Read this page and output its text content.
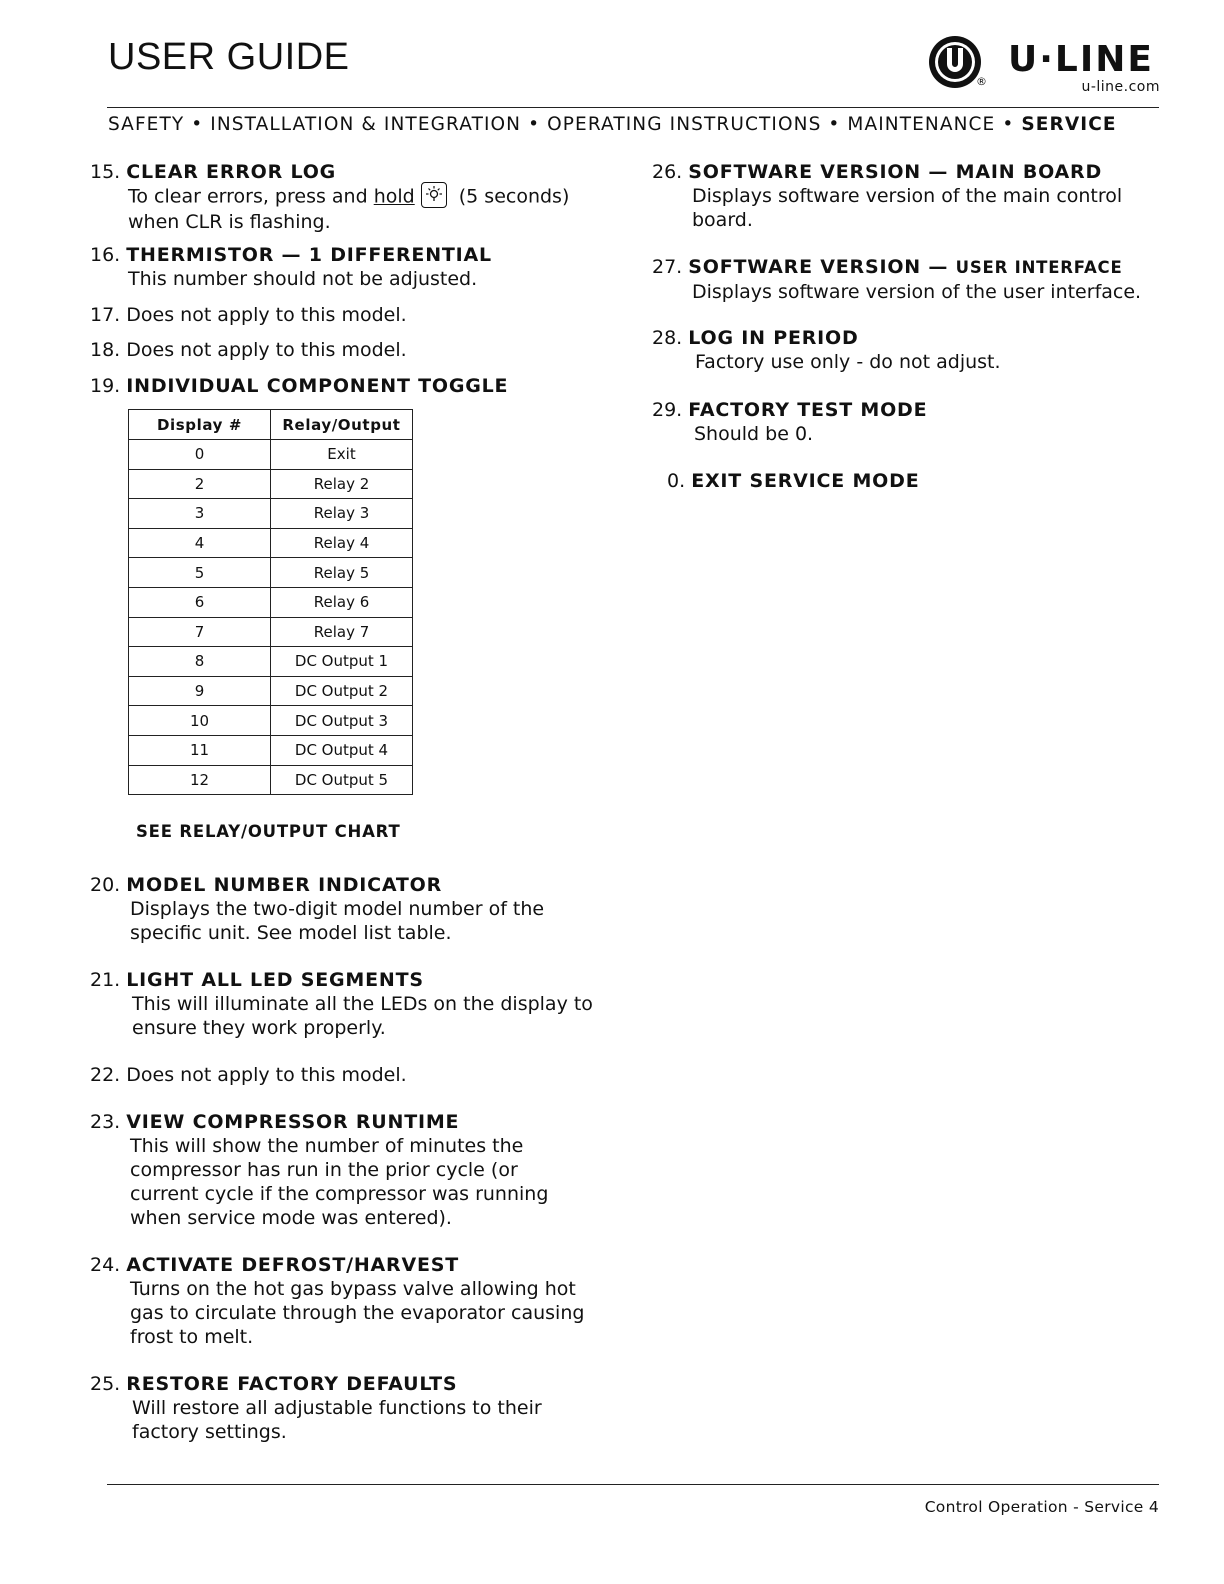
USER GUIDE
®
U·LINE
u-line.com
SAFETY • INSTALLATION & INTEGRATION • OPERATING INSTRUCTIONS • MAINTENANCE • SERVICE
15. CLEAR ERROR LOG
To clear errors, press and hold (5 seconds)
when CLR is flashing.
16. THERMISTOR — 1 DIFFERENTIAL
This number should not be adjusted.
17. Does not apply to this model.
18. Does not apply to this model.
19. INDIVIDUAL COMPONENT TOGGLE
Display #	Relay/Output
0	Exit
2	Relay 2
3	Relay 3
4	Relay 4
5	Relay 5
6	Relay 6
7	Relay 7
8	DC Output 1
9	DC Output 2
10	DC Output 3
11	DC Output 4
12	DC Output 5
SEE RELAY/OUTPUT CHART
20. MODEL NUMBER INDICATOR
Displays the two-digit model number of the
specific unit. See model list table.
21. LIGHT ALL LED SEGMENTS
This will illuminate all the LEDs on the display to
ensure they work properly.
22. Does not apply to this model.
23. VIEW COMPRESSOR RUNTIME
This will show the number of minutes the
compressor has run in the prior cycle (or
current cycle if the compressor was running
when service mode was entered).
24. ACTIVATE DEFROST/HARVEST
Turns on the hot gas bypass valve allowing hot
gas to circulate through the evaporator causing
frost to melt.
25. RESTORE FACTORY DEFAULTS
Will restore all adjustable functions to their
factory settings.
26. SOFTWARE VERSION — MAIN BOARD
Displays software version of the main control
board.
27. SOFTWARE VERSION — USER INTERFACE
Displays software version of the user interface.
28. LOG IN PERIOD
Factory use only - do not adjust.
29. FACTORY TEST MODE
Should be 0.
0. EXIT SERVICE MODE
Control Operation - Service 4
